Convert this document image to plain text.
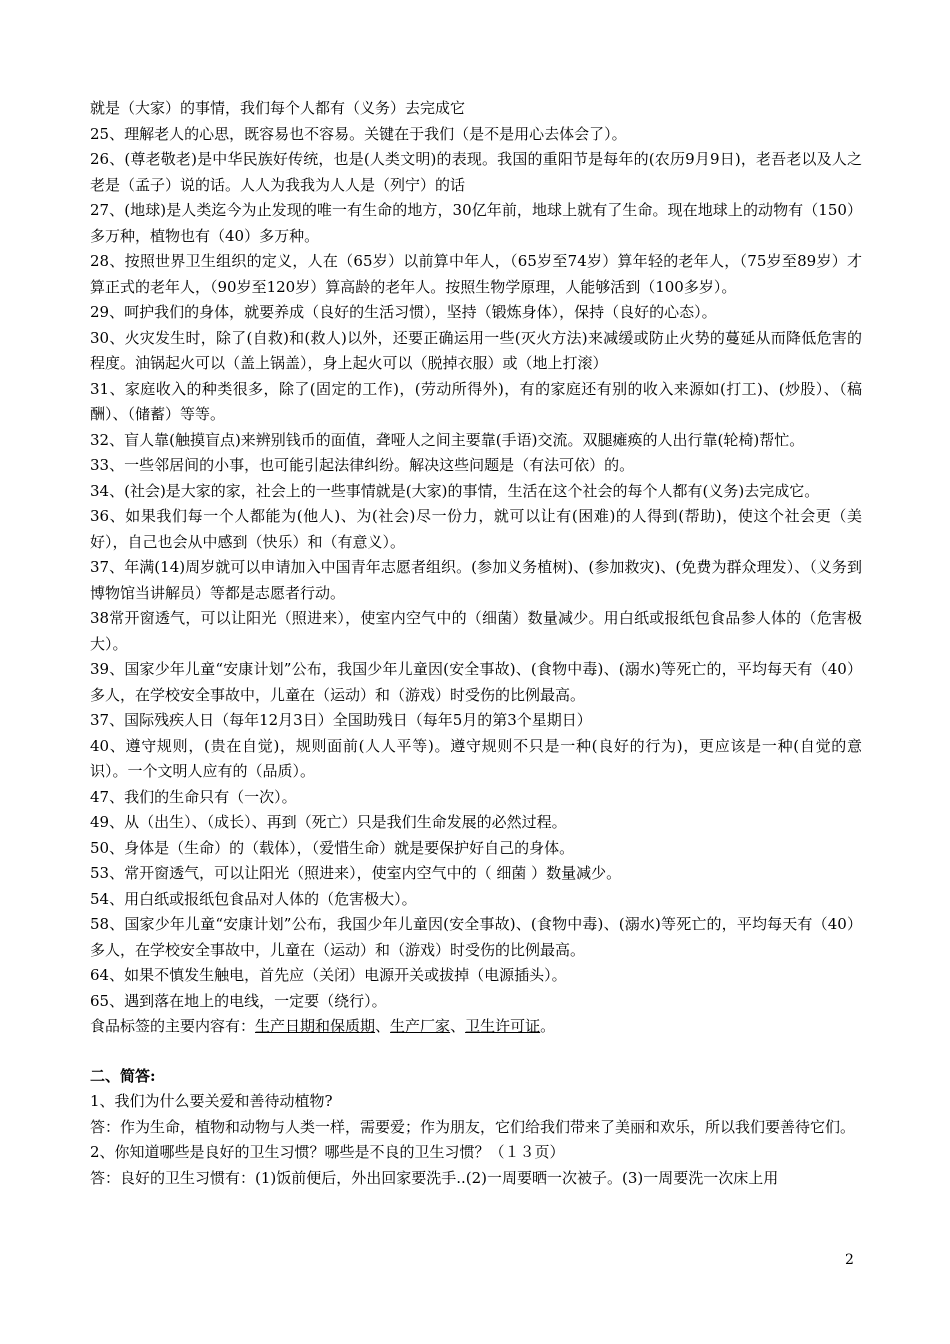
就是（大家）的事情，我们每个人都有（义务）去完成它

25、理解老人的心思，既容易也不容易。关键在于我们（是不是用心去体会了）。

26、(尊老敬老)是中华民族好传统，也是(人类文明)的表现。我国的重阳节是每年的(农历9月9日)，老吾老以及人之老是（孟子）说的话。人人为我我为人人是（列宁）的话

27、(地球)是人类迄今为止发现的唯一有生命的地方，30亿年前，地球上就有了生命。现在地球上的动物有（150）多万种，植物也有（40）多万种。

28、按照世界卫生组织的定义，人在（65岁）以前算中年人，（65岁至74岁）算年轻的老年人，（75岁至89岁）才算正式的老年人，（90岁至120岁）算高龄的老年人。按照生物学原理，人能够活到（100多岁）。

29、呵护我们的身体，就要养成（良好的生活习惯），坚持（锻炼身体），保持（良好的心态）。

30、火灾发生时，除了(自救)和(救人)以外，还要正确运用一些(灭火方法)来减缓或防止火势的蔓延从而降低危害的程度。油锅起火可以（盖上锅盖），身上起火可以（脱掉衣服）或（地上打滚）

31、家庭收入的种类很多，除了(固定的工作)，(劳动所得外)，有的家庭还有别的收入来源如(打工)、(炒股）、（稿酬）、（储蓄）等等。

32、盲人靠(触摸盲点)来辨别钱币的面值，聋哑人之间主要靠(手语)交流。双腿瘫痪的人出行靠(轮椅)帮忙。

33、一些邻居间的小事，也可能引起法律纠纷。解决这些问题是（有法可依）的。

34、(社会)是大家的家，社会上的一些事情就是(大家)的事情，生活在这个社会的每个人都有(义务)去完成它。

36、如果我们每一个人都能为(他人)、为(社会)尽一份力，就可以让有(困难)的人得到(帮助)，使这个社会更（美好），自己也会从中感到（快乐）和（有意义）。

37、年满(14)周岁就可以申请加入中国青年志愿者组织。(参加义务植树)、(参加救灾)、(免费为群众理发）、（义务到博物馆当讲解员）等都是志愿者行动。

38常开窗透气，可以让阳光（照进来），使室内空气中的（细菌）数量减少。用白纸或报纸包食品参人体的（危害极大）。

39、国家少年儿童“安康计划”公布，我国少年儿童因(安全事故)、(食物中毒)、(溺水)等死亡的，平均每天有（40）多人，在学校安全事故中，儿童在（运动）和（游戏）时受伤的比例最高。

37、国际残疾人日（每年12月3日）全国助残日（每年5月的第3个星期日）

40、遵守规则，(贵在自觉)，规则面前(人人平等)。遵守规则不只是一种(良好的行为)，更应该是一种(自觉的意识）。一个文明人应有的（品质）。

47、我们的生命只有（一次）。

49、从（出生）、（成长）、再到（死亡）只是我们生命发展的必然过程。

50、身体是（生命）的（载体），（爱惜生命）就是要保护好自己的身体。

53、常开窗透气，可以让阳光（照进来），使室内空气中的（ 细菌 ）数量减少。

54、用白纸或报纸包食品对人体的（危害极大）。

58、国家少年儿童“安康计划”公布，我国少年儿童因(安全事故)、(食物中毒)、(溺水)等死亡的，平均每天有（40）多人，在学校安全事故中，儿童在（运动）和（游戏）时受伤的比例最高。

64、如果不慎发生触电，首先应（关闭）电源开关或拔掉（电源插头）。

65、遇到落在地上的电线，一定要（绕行）。

食品标签的主要内容有：生产日期和保质期、生产厂家、卫生许可证。

二、简答:

1、我们为什么要关爱和善待动植物?

答：作为生命，植物和动物与人类一样，需要爱；作为朋友，它们给我们带来了美丽和欢乐，所以我们要善待它们。

2、你知道哪些是良好的卫生习惯？哪些是不良的卫生习惯？（１３页）

答：良好的卫生习惯有：(1)饭前便后，外出回家要洗手..(2)一周要晒一次被子。(3)一周要洗一次床上用

2
